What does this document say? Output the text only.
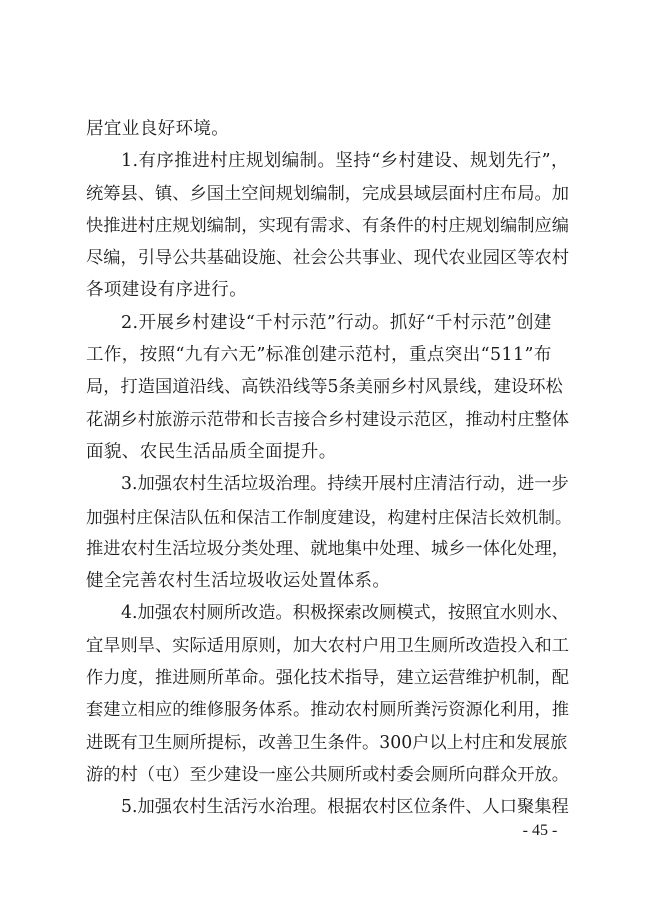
居宜业良好环境。
1.有序推进村庄规划编制。坚持“乡村建设、规划先行”，
统筹县、镇、乡国土空间规划编制，完成县域层面村庄布局。加
快推进村庄规划编制，实现有需求、有条件的村庄规划编制应编
尽编，引导公共基础设施、社会公共事业、现代农业园区等农村
各项建设有序进行。
2.开展乡村建设“千村示范”行动。抓好“千村示范”创建
工作，按照“九有六无”标准创建示范村，重点突出“511”布
局，打造国道沿线、高铁沿线等5条美丽乡村风景线，建设环松
花湖乡村旅游示范带和长吉接合乡村建设示范区，推动村庄整体
面貌、农民生活品质全面提升。
3.加强农村生活垃圾治理。持续开展村庄清洁行动，进一步
加强村庄保洁队伍和保洁工作制度建设，构建村庄保洁长效机制。
推进农村生活垃圾分类处理、就地集中处理、城乡一体化处理，
健全完善农村生活垃圾收运处置体系。
4.加强农村厕所改造。积极探索改厕模式，按照宜水则水、
宜旱则旱、实际适用原则，加大农村户用卫生厕所改造投入和工
作力度，推进厕所革命。强化技术指导，建立运营维护机制，配
套建立相应的维修服务体系。推动农村厕所粪污资源化利用，推
进既有卫生厕所提标，改善卫生条件。300户以上村庄和发展旅
游的村（屯）至少建设一座公共厕所或村委会厕所向群众开放。
5.加强农村生活污水治理。根据农村区位条件、人口聚集程
- 45 -
